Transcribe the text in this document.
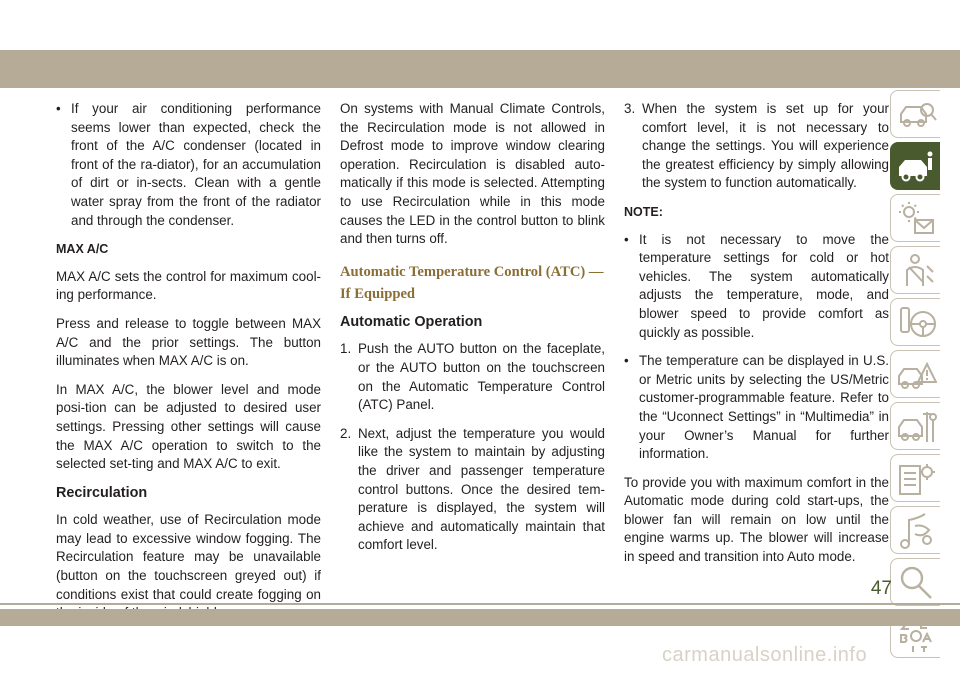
• If your air conditioning performance seems lower than expected, check the front of the A/C condenser (located in front of the ra-diator), for an accumulation of dirt or in-sects. Clean with a gentle water spray from the front of the radiator and through the condenser.
MAX A/C
MAX A/C sets the control for maximum cool-ing performance.
Press and release to toggle between MAX A/C and the prior settings. The button illuminates when MAX A/C is on.
In MAX A/C, the blower level and mode posi-tion can be adjusted to desired user settings. Pressing other settings will cause the MAX A/C operation to switch to the selected set-ting and MAX A/C to exit.
Recirculation
In cold weather, use of Recirculation mode may lead to excessive window fogging. The Recirculation feature may be unavailable (button on the touchscreen greyed out) if conditions exist that could create fogging on
On systems with Manual Climate Controls, the Recirculation mode is not allowed in Defrost mode to improve window clearing operation. Recirculation is disabled auto-matically if this mode is selected. Attempting to use Recirculation while in this mode causes the LED in the control button to blink and then turns off.
Automatic Temperature Control (ATC) — If Equipped
Automatic Operation
1. Push the AUTO button on the faceplate, or the AUTO button on the touchscreen on the Automatic Temperature Control (ATC) Panel.
2. Next, adjust the temperature you would like the system to maintain by adjusting the driver and passenger temperature control buttons. Once the desired tem-perature is displayed, the system will achieve and automatically maintain that comfort level.
3. When the system is set up for your comfort level, it is not necessary to change the settings. You will experience the greatest efficiency by simply allowing the system to function automatically.
NOTE:
• It is not necessary to move the temperature settings for cold or hot vehicles. The system automatically adjusts the temperature, mode, and blower speed to provide comfort as quickly as possible.
• The temperature can be displayed in U.S. or Metric units by selecting the US/Metric customer-programmable feature. Refer to the “Uconnect Settings” in “Multimedia” in your Owner’s Manual for further information.
To provide you with maximum comfort in the Automatic mode during cold start-ups, the blower fan will remain on low until the engine warms up. The blower will increase in speed and transition into Auto mode.
47
carmanualsonline.info
